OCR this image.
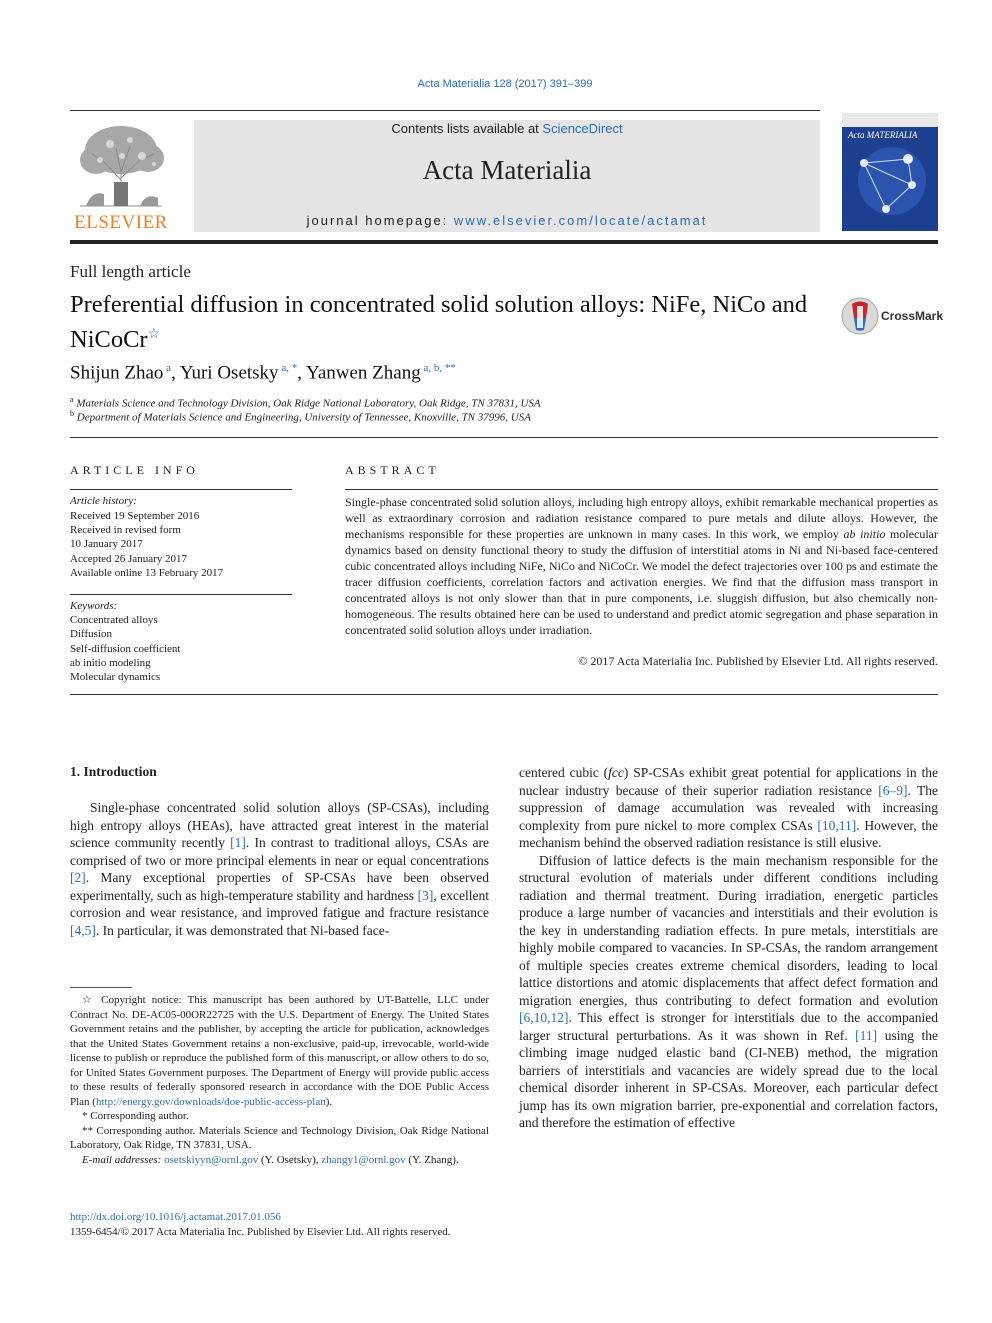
Acta Materialia 128 (2017) 391–399
ELSEVIER
Contents lists available at ScienceDirect
Acta Materialia
journal homepage: www.elsevier.com/locate/actamat
Acta MATERIALIA
Full length article
Preferential diffusion in concentrated solid solution alloys: NiFe, NiCo and NiCoCr☆
CrossMark
Shijun Zhao $^a$, Yuri Osetsky $^{a, *}$, Yanwen Zhang $^{a, b, **}$
$^a$ Materials Science and Technology Division, Oak Ridge National Laboratory, Oak Ridge, TN 37831, USA
$^b$ Department of Materials Science and Engineering, University of Tennessee, Knoxville, TN 37996, USA
ARTICLE INFO
Article history:
Received 19 September 2016
Received in revised form
10 January 2017
Accepted 26 January 2017
Available online 13 February 2017
Keywords:
Concentrated alloys
Diffusion
Self-diffusion coefficient
ab initio modeling
Molecular dynamics
ABSTRACT
Single-phase concentrated solid solution alloys, including high entropy alloys, exhibit remarkable mechanical properties as well as extraordinary corrosion and radiation resistance compared to pure metals and dilute alloys. However, the mechanisms responsible for these properties are unknown in many cases. In this work, we employ ab initio molecular dynamics based on density functional theory to study the diffusion of interstitial atoms in Ni and Ni-based face-centered cubic concentrated alloys including NiFe, NiCo and NiCoCr. We model the defect trajectories over 100 ps and estimate the tracer diffusion coefficients, correlation factors and activation energies. We find that the diffusion mass transport in concentrated alloys is not only slower than that in pure components, i.e. sluggish diffusion, but also chemically non-homogeneous. The results obtained here can be used to understand and predict atomic segregation and phase separation in concentrated solid solution alloys under irradiation.
© 2017 Acta Materialia Inc. Published by Elsevier Ltd. All rights reserved.
1. Introduction

Single-phase concentrated solid solution alloys (SP-CSAs), including high entropy alloys (HEAs), have attracted great interest in the material science community recently [1]. In contrast to traditional alloys, CSAs are comprised of two or more principal elements in near or equal concentrations [2]. Many exceptional properties of SP-CSAs have been observed experimentally, such as high-temperature stability and hardness [3], excellent corrosion and wear resistance, and improved fatigue and fracture resistance [4,5]. In particular, it was demonstrated that Ni-based face-

centered cubic (fcc) SP-CSAs exhibit great potential for applications in the nuclear industry because of their superior radiation resistance [6–9]. The suppression of damage accumulation was revealed with increasing complexity from pure nickel to more complex CSAs [10,11]. However, the mechanism behind the observed radiation resistance is still elusive.

Diffusion of lattice defects is the main mechanism responsible for the structural evolution of materials under different conditions including radiation and thermal treatment. During irradiation, energetic particles produce a large number of vacancies and interstitials and their evolution is the key in understanding radiation effects. In pure metals, interstitials are highly mobile compared to vacancies. In SP-CSAs, the random arrangement of multiple species creates extreme chemical disorders, leading to local lattice distortions and atomic displacements that affect defect formation and migration energies, thus contributing to defect formation and evolution [6,10,12]. This effect is stronger for interstitials due to the accompanied larger structural perturbations. As it was shown in Ref. [11] using the climbing image nudged elastic band (CI-NEB) method, the migration barriers of interstitials and vacancies are widely spread due to the local chemical disorder inherent in SP-CSAs. Moreover, each particular defect jump has its own migration barrier, pre-exponential and correlation factors, and therefore the estimation of effective

☆ Copyright notice: This manuscript has been authored by UT-Battelle, LLC under Contract No. DE-AC05-00OR22725 with the U.S. Department of Energy. The United States Government retains and the publisher, by accepting the article for publication, acknowledges that the United States Government retains a non-exclusive, paid-up, irrevocable, world-wide license to publish or reproduce the published form of this manuscript, or allow others to do so, for United States Government purposes. The Department of Energy will provide public access to these results of federally sponsored research in accordance with the DOE Public Access Plan (http://energy.gov/downloads/doe-public-access-plan).

* Corresponding author.

** Corresponding author. Materials Science and Technology Division, Oak Ridge National Laboratory, Oak Ridge, TN 37831, USA.

E-mail addresses: osetskiyyn@ornl.gov (Y. Osetsky), zhangy1@ornl.gov (Y. Zhang).

http://dx.doi.org/10.1016/j.actamat.2017.01.056
1359-6454/© 2017 Acta Materialia Inc. Published by Elsevier Ltd. All rights reserved.
